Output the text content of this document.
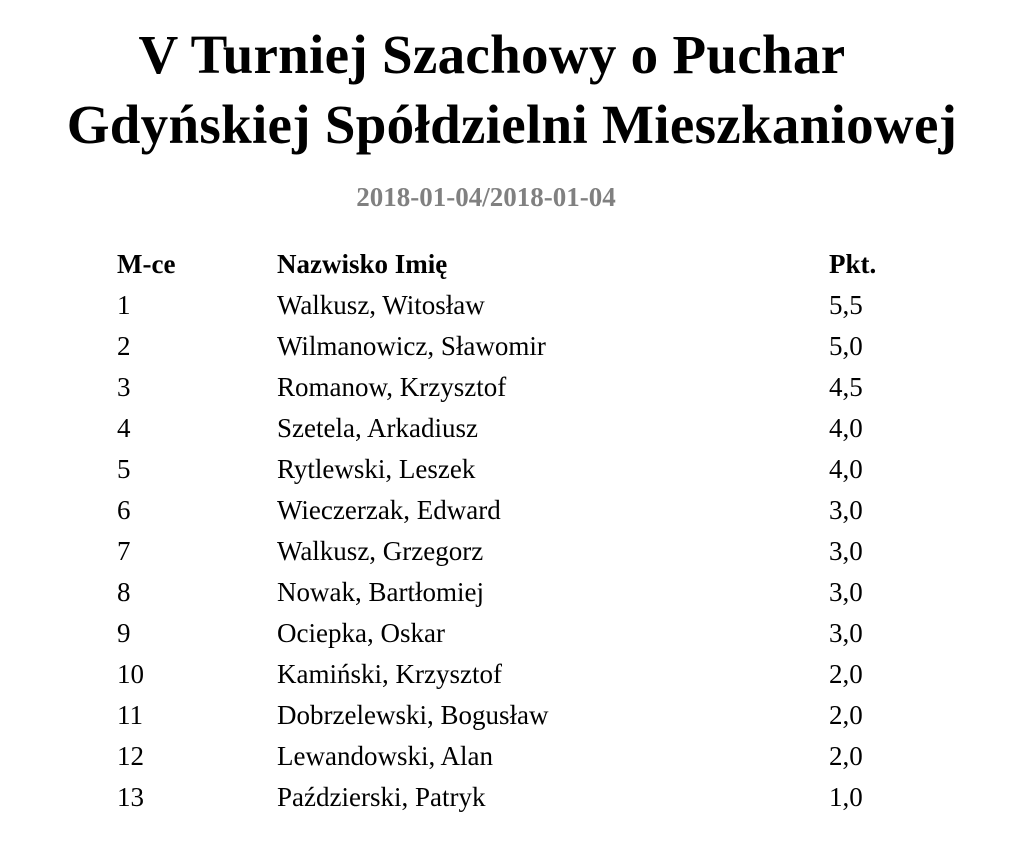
V Turniej Szachowy o Puchar
Gdyńskiej Spółdzielni Mieszkaniowej
2018-01-04/2018-01-04
M-ce	Nazwisko Imię	Pkt.
1	Walkusz, Witosław	5,5
2	Wilmanowicz, Sławomir	5,0
3	Romanow, Krzysztof	4,5
4	Szetela, Arkadiusz	4,0
5	Rytlewski, Leszek	4,0
6	Wieczerzak, Edward	3,0
7	Walkusz, Grzegorz	3,0
8	Nowak, Bartłomiej	3,0
9	Ociepka, Oskar	3,0
10	Kamiński, Krzysztof	2,0
11	Dobrzelewski, Bogusław	2,0
12	Lewandowski, Alan	2,0
13	Paździerski, Patryk	1,0
